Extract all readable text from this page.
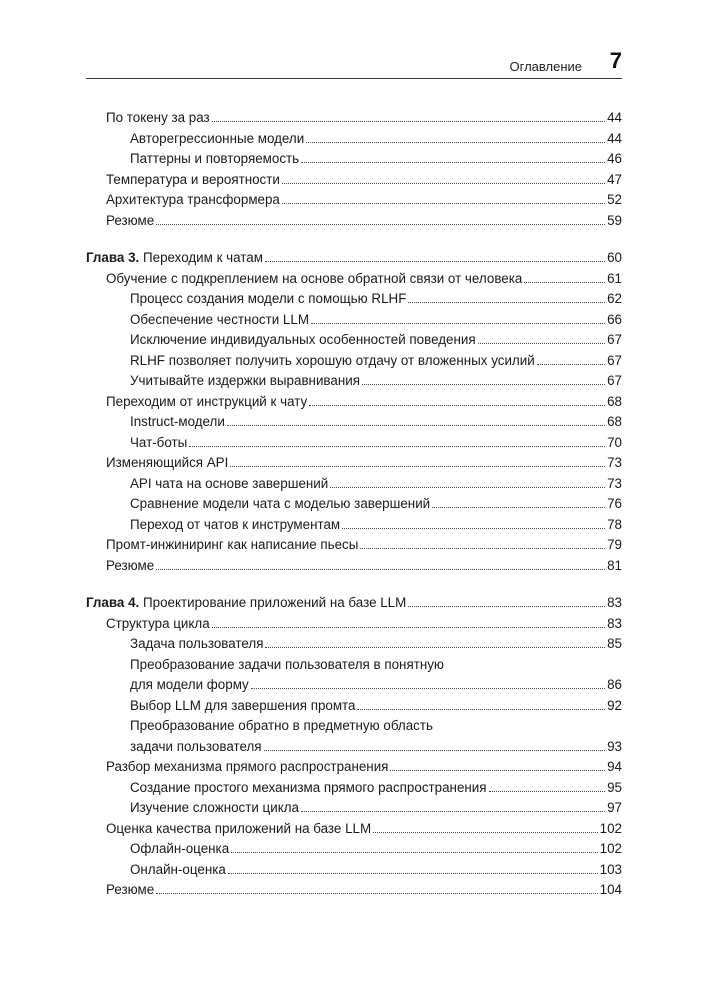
Оглавление 7
По токену за раз	44
Авторегрессионные модели	44
Паттерны и повторяемость	46
Температура и вероятности	47
Архитектура трансформера	52
Резюме	59
Глава 3. Переходим к чатам	60
Обучение с подкреплением на основе обратной связи от человека	61
Процесс создания модели с помощью RLHF	62
Обеспечение честности LLM	66
Исключение индивидуальных особенностей поведения	67
RLHF позволяет получить хорошую отдачу от вложенных усилий	67
Учитывайте издержки выравнивания	67
Переходим от инструкций к чату	68
Instruct-модели	68
Чат-боты	70
Изменяющийся API	73
API чата на основе завершений	73
Сравнение модели чата с моделью завершений	76
Переход от чатов к инструментам	78
Промт-инжиниринг как написание пьесы	79
Резюме	81
Глава 4. Проектирование приложений на базе LLM	83
Структура цикла	83
Задача пользователя	85
Преобразование задачи пользователя в понятную
для модели форму	86
Выбор LLM для завершения промта	92
Преобразование обратно в предметную область
задачи пользователя	93
Разбор механизма прямого распространения	94
Создание простого механизма прямого распространения	95
Изучение сложности цикла	97
Оценка качества приложений на базе LLM	102
Офлайн-оценка	102
Онлайн-оценка	103
Резюме	104
